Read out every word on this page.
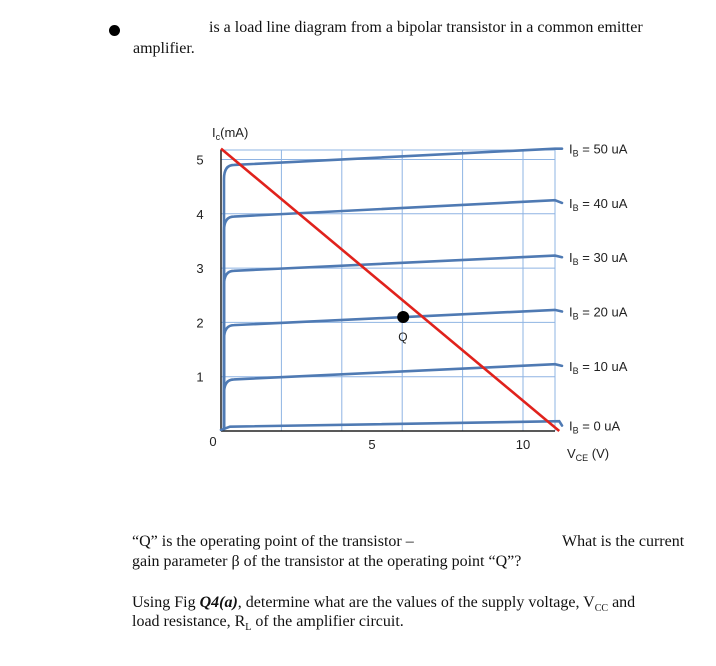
is a load line diagram from a bipolar transistor in a common emitter
amplifier.
$I_B = 0$ uA
$I_B = 10$ uA
$I_B = 20$ uA
$I_B = 30$ uA
$I_B = 40$ uA
$I_B = 50$ uA
Q
0
1
2
3
4
5
5	10
$I_c(mA)$
$V_{CE}$ (V)
“Q” is the operating point of the transistor –	What is the current
gain parameter β of the transistor at the operating point “Q”?
Using Fig Q4(a), determine what are the values of the supply voltage, $V_{CC}$ and
load resistance, $R_L$ of the amplifier circuit.
